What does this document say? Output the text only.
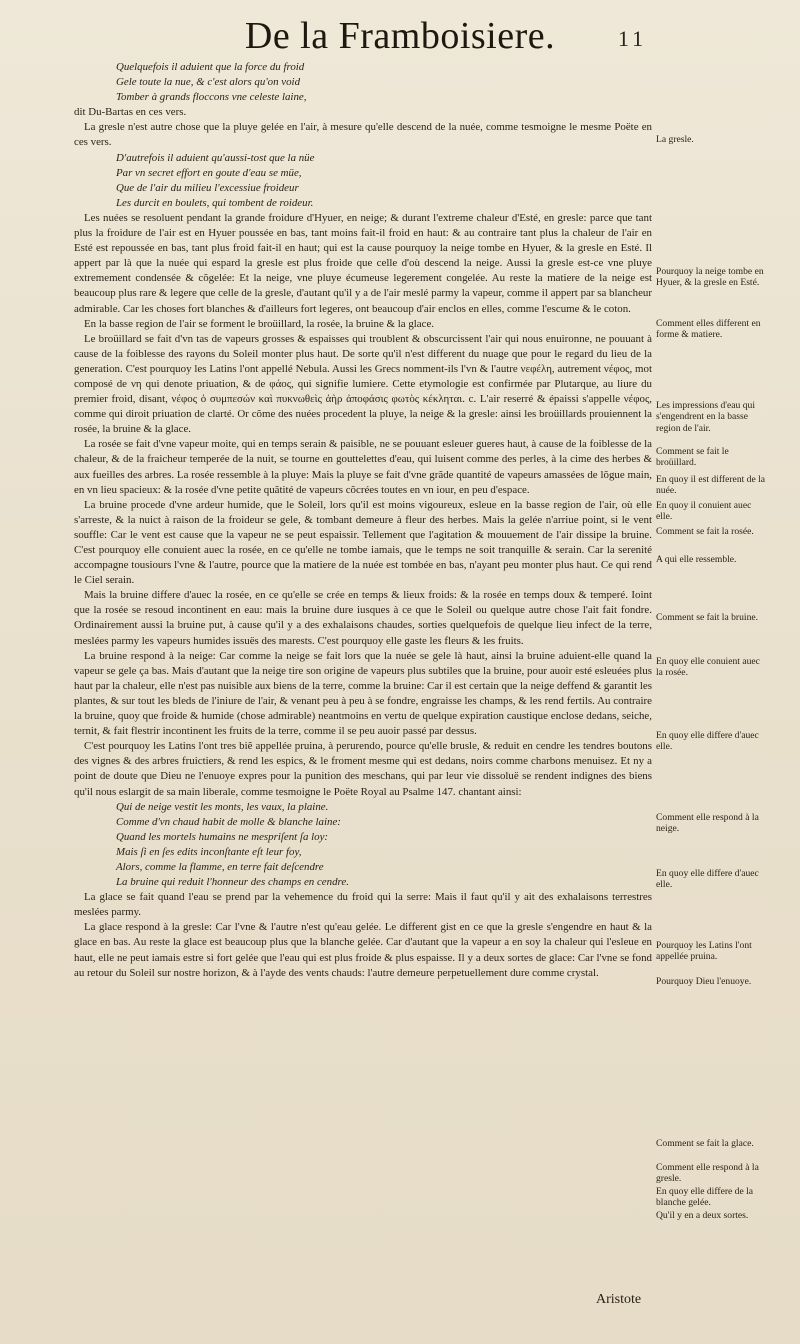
De la Framboisiere.	11
Quelquefois il aduient que la force du froid
Gele toute la nue, & c'est alors qu'on void
Tomber à grands floccons vne celeste laine,

dit Du-Bartas en ces vers.

La gresle n'est autre chose que la pluye gelée en l'air, à mesure qu'elle descend de la nuée, comme tesmoigne le mesme Poëte en ces vers.

D'autrefois il aduient qu'aussi-tost que la nüe
Par vn secret effort en goute d'eau se müe,
Que de l'air du milieu l'excessiue froideur
Les durcit en boulets, qui tombent de roideur.

Les nuées se resoluent pendant la grande froidure d'Hyuer, en neige; & durant l'extreme chaleur d'Esté, en gresle: parce que tant plus la froidure de l'air est en Hyuer poussée en bas, tant moins fait-il froid en haut: & au contraire tant plus la chaleur de l'air en Esté est repoussée en bas, tant plus froid fait-il en haut; qui est la cause pourquoy la neige tombe en Hyuer, & la gresle en Esté. Il appert par là que la nuée qui espard la gresle est plus froide que celle d'où descend la neige. Aussi la gresle est-ce vne pluye extremement condensée & cõgelée: Et la neige, vne pluye écumeuse legerement congelée. Au reste la matiere de la neige est beaucoup plus rare & legere que celle de la gresle, d'autant qu'il y a de l'air meslé parmy la vapeur, comme il appert par sa blancheur admirable. Car les choses fort blanches & d'ailleurs fort legeres, ont beaucoup d'air enclos en elles, comme l'escume & le coton.

En la basse region de l'air se forment le broüillard, la rosée, la bruine & la glace.

Le broüillard se fait d'vn tas de vapeurs grosses & espaisses qui troublent & obscurcissent l'air qui nous enuironne, ne pouuant à cause de la foiblesse des rayons du Soleil monter plus haut. De sorte qu'il n'est different du nuage que pour le regard du lieu de la generation. C'est pourquoy les Latins l'ont appellé Nebula. Aussi les Grecs nomment-ils l'vn & l'autre νεφέλη, autrement νέφος, mot composé de νη qui denote priuation, & de φάος, qui signifie lumiere. Cette etymologie est confirmée par Plutarque, au liure du premier froid, disant, νέφος ὁ συμπεσών καὶ πυκνωθεὶς ἀὴρ ἀποφάσις φωτὸς κέκληται. c. L'air reserré & épaissi s'appelle νέφος, comme qui diroit priuation de clarté. Or cõme des nuées procedent la pluye, la neige & la gresle: ainsi les broüillards prouiennent la rosée, la bruine & la glace.

La rosée se fait d'vne vapeur moite, qui en temps serain & paisible, ne se pouuant esleuer gueres haut, à cause de la foiblesse de la chaleur, & de la fraicheur temperée de la nuit, se tourne en gouttelettes d'eau, qui luisent comme des perles, à la cime des herbes & aux fueilles des arbres. La rosée ressemble à la pluye: Mais la pluye se fait d'vne grãde quantité de vapeurs amassées de lõgue main, en vn lieu spacieux: & la rosée d'vne petite quãtité de vapeurs cõcrées toutes en vn iour, en peu d'espace.

La bruine procede d'vne ardeur humide, que le Soleil, lors qu'il est moins vigoureux, esleue en la basse region de l'air, où elle s'arreste, & la nuict à raison de la froideur se gele, & tombant demeure à fleur des herbes. Mais la gelée n'arriue point, si le vent souffle: Car le vent est cause que la vapeur ne se peut espaissir. Tellement que l'agitation & mouuement de l'air dissipe la bruine. C'est pourquoy elle conuient auec la rosée, en ce qu'elle ne tombe iamais, que le temps ne soit tranquille & serain. Car la serenité accompagne tousiours l'vne & l'autre, pource que la matiere de la nuée est tombée en bas, n'ayant peu monter plus haut. Ce qui rend le Ciel serain.

Mais la bruine differe d'auec la rosée, en ce qu'elle se crée en temps & lieux froids: & la rosée en temps doux & temperé. Ioint que la rosée se resoud incontinent en eau: mais la bruine dure iusques à ce que le Soleil ou quelque autre chose l'ait fait fondre. Ordinairement aussi la bruine put, à cause qu'il y a des exhalaisons chaudes, sorties quelquefois de quelque lieu infect de la terre, meslées parmy les vapeurs humides issuës des marests. C'est pourquoy elle gaste les fleurs & les fruits.

La bruine respond à la neige: Car comme la neige se fait lors que la nuée se gele là haut, ainsi la bruine aduient-elle quand la vapeur se gele ça bas. Mais d'autant que la neige tire son origine de vapeurs plus subtiles que la bruine, pour auoir esté esleuées plus haut par la chaleur, elle n'est pas nuisible aux biens de la terre, comme la bruine: Car il est certain que la neige deffend & garantit les plantes, & sur tout les bleds de l'iniure de l'air, & venant peu à peu à se fondre, engraisse les champs, & les rend fertils. Au contraire la bruine, quoy que froide & humide (chose admirable) neantmoins en vertu de quelque expiration caustique enclose dedans, seiche, ternit, & fait flestrir incontinent les fruits de la terre, comme il se peu auoir passé par dessus.

C'est pourquoy les Latins l'ont tres biẽ appellée pruina, à perurendo, pource qu'elle brusle, & reduit en cendre les tendres boutons des vignes & des arbres fruictiers, & rend les espics, & le froment mesme qui est dedans, noirs comme charbons menuisez. Et ny a point de doute que Dieu ne l'enuoye expres pour la punition des meschans, qui par leur vie dissoluë se rendent indignes des biens qu'il nous eslargit de sa main liberale, comme tesmoigne le Poëte Royal au Psalme 147. chantant ainsi:

Qui de neige vestit les monts, les vaux, la plaine.
Comme d'vn chaud habit de molle & blanche laine:
Quand les mortels humains ne mespriſent ſa loy:
Mais ſi en ſes edits inconſtante eſt leur foy,
Alors, comme la flamme, en terre fait deſcendre
La bruine qui reduit l'honneur des champs en cendre.

La glace se fait quand l'eau se prend par la vehemence du froid qui la serre: Mais il faut qu'il y ait des exhalaisons terrestres meslées parmy.

La glace respond à la gresle: Car l'vne & l'autre n'est qu'eau gelée. Le different gist en ce que la gresle s'engendre en haut & la glace en bas. Au reste la glace est beaucoup plus que la blanche gelée. Car d'autant que la vapeur a en soy la chaleur qui l'esleue en haut, elle ne peut iamais estre si fort gelée que l'eau qui est plus froide & plus espaisse. Il y a deux sortes de glace: Car l'vne se fond au retour du Soleil sur nostre horizon, & à l'ayde des vents chauds: l'autre demeure perpetuellement dure comme crystal.

La gresle.
Pourquoy la neige tombe en Hyuer, & la gresle en Esté.
Comment elles different en forme & matiere.
Les impressions d'eau qui s'engendrent en la basse region de l'air.
Comment se fait le broüillard.
En quoy il est different de la nuée.
En quoy il conuient auec elle.
Comment se fait la rosée.
A qui elle ressemble.
Comment se fait la bruine.
En quoy elle conuient auec la rosée.
En quoy elle differe d'auec elle.
Comment elle respond à la neige.
En quoy elle differe d'auec elle.
Pourquoy les Latins l'ont appellée pruina.
Pourquoy Dieu l'enuoye.
Comment se fait la glace.
Comment elle respond à la gresle.
En quoy elle differe de la blanche gelée.
Qu'il y en a deux sortes.
Aristote
